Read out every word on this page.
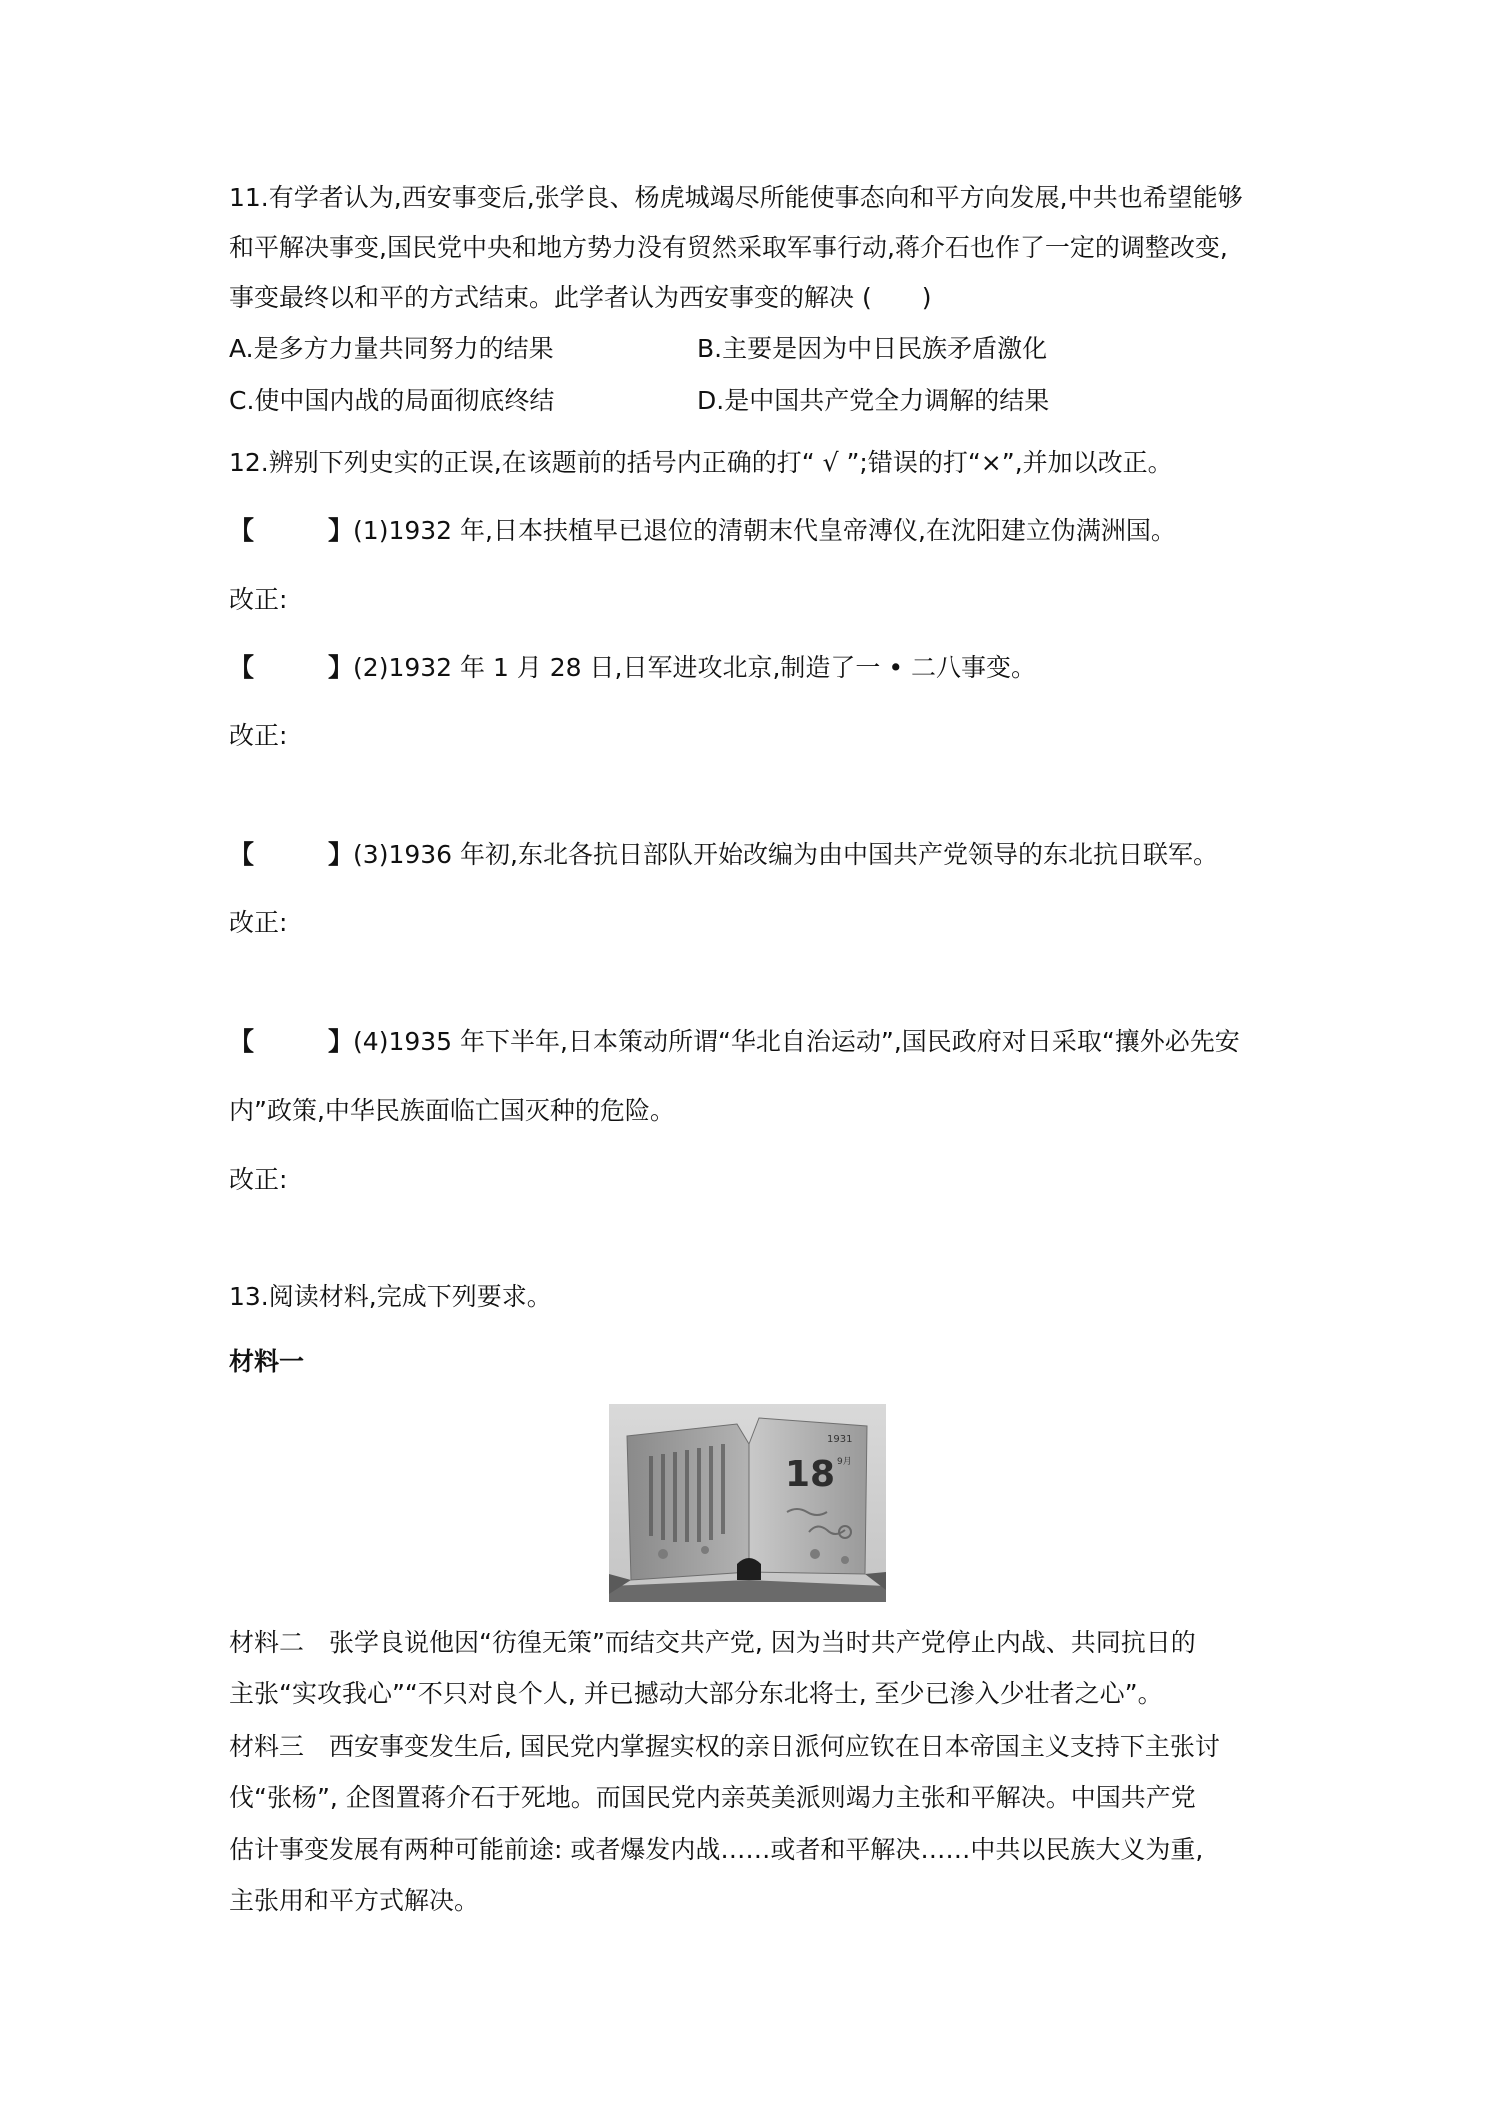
11.有学者认为,西安事变后,张学良、杨虎城竭尽所能使事态向和平方向发展,中共也希望能够
和平解决事变,国民党中央和地方势力没有贸然采取军事行动,蒋介石也作了一定的调整改变,
事变最终以和平的方式结束。此学者认为西安事变的解决 (　　)
A.是多方力量共同努力的结果	B.主要是因为中日民族矛盾激化
C.使中国内战的局面彻底终结	D.是中国共产党全力调解的结果
12.辨别下列史实的正误,在该题前的括号内正确的打“ √ ”;错误的打“×”,并加以改正。
【	】(1)1932 年,日本扶植早已退位的清朝末代皇帝溥仪,在沈阳建立伪满洲国。
改正:
【	】(2)1932 年 1 月 28 日,日军进攻北京,制造了一 • 二八事变。
改正:
【	】(3)1936 年初,东北各抗日部队开始改编为由中国共产党领导的东北抗日联军。
改正:
【	】(4)1935 年下半年,日本策动所谓“华北自治运动”,国民政府对日采取“攘外必先安
内”政策,中华民族面临亡国灭种的危险。
改正:
13.阅读材料,完成下列要求。
材料一
1931
18 9月
材料二　张学良说他因“彷徨无策”而结交共产党, 因为当时共产党停止内战、共同抗日的
主张“实攻我心”“不只对良个人, 并已撼动大部分东北将士, 至少已渗入少壮者之心”。
材料三　西安事变发生后, 国民党内掌握实权的亲日派何应钦在日本帝国主义支持下主张讨
伐“张杨”, 企图置蒋介石于死地。而国民党内亲英美派则竭力主张和平解决。中国共产党
估计事变发展有两种可能前途: 或者爆发内战……或者和平解决……中共以民族大义为重,
主张用和平方式解决。
